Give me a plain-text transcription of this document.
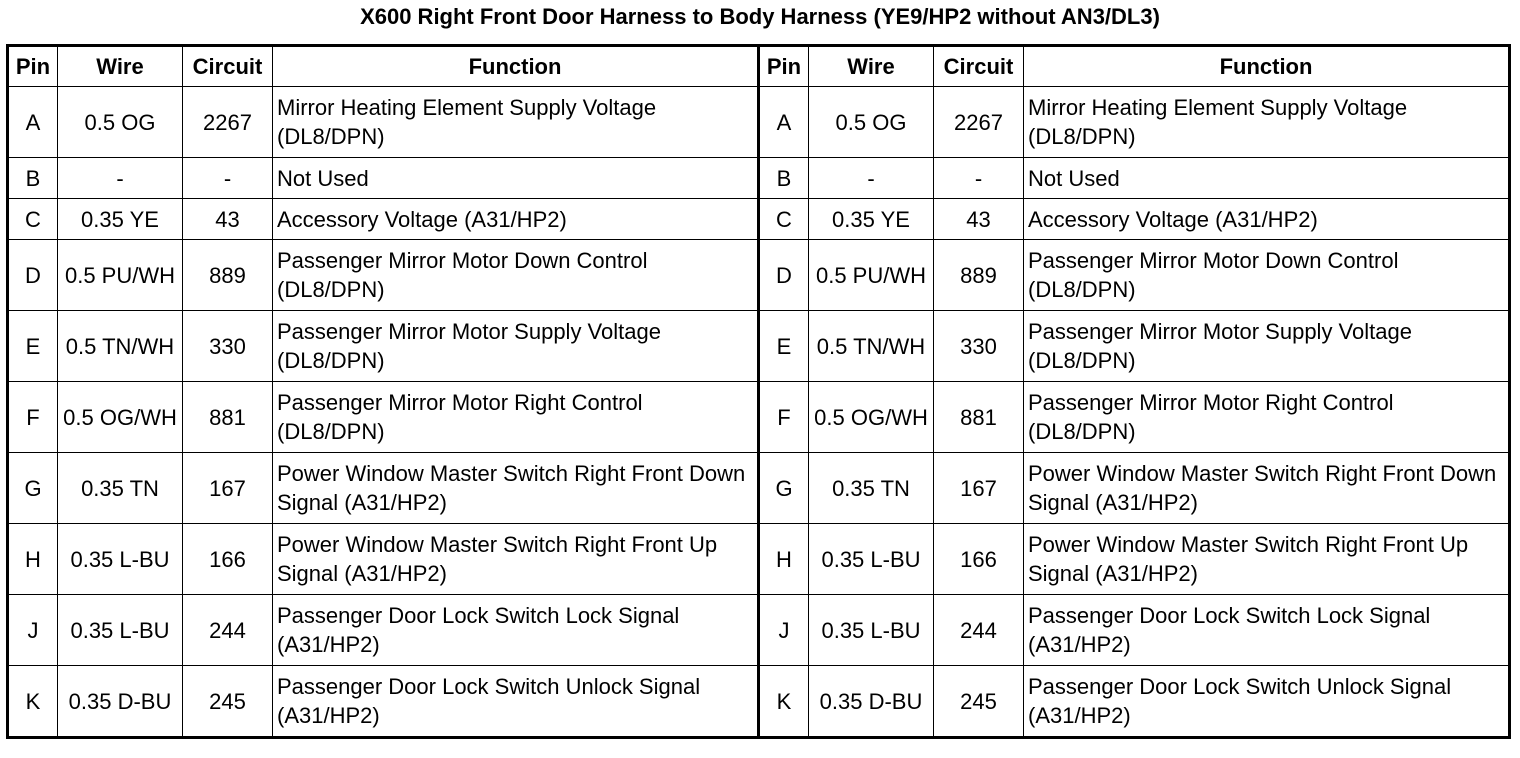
X600 Right Front Door Harness to Body Harness (YE9/HP2 without AN3/DL3)
Pin	Wire	Circuit	Function	Pin	Wire	Circuit	Function
A	0.5 OG	2267	Mirror Heating Element Supply Voltage (DL8/DPN)	A	0.5 OG	2267	Mirror Heating Element Supply Voltage (DL8/DPN)
B	-	-	Not Used	B	-	-	Not Used
C	0.35 YE	43	Accessory Voltage (A31/HP2)	C	0.35 YE	43	Accessory Voltage (A31/HP2)
D	0.5 PU/WH	889	Passenger Mirror Motor Down Control (DL8/DPN)	D	0.5 PU/WH	889	Passenger Mirror Motor Down Control (DL8/DPN)
E	0.5 TN/WH	330	Passenger Mirror Motor Supply Voltage (DL8/DPN)	E	0.5 TN/WH	330	Passenger Mirror Motor Supply Voltage (DL8/DPN)
F	0.5 OG/WH	881	Passenger Mirror Motor Right Control (DL8/DPN)	F	0.5 OG/WH	881	Passenger Mirror Motor Right Control (DL8/DPN)
G	0.35 TN	167	Power Window Master Switch Right Front Down Signal (A31/HP2)	G	0.35 TN	167	Power Window Master Switch Right Front Down Signal (A31/HP2)
H	0.35 L-BU	166	Power Window Master Switch Right Front Up Signal (A31/HP2)	H	0.35 L-BU	166	Power Window Master Switch Right Front Up Signal (A31/HP2)
J	0.35 L-BU	244	Passenger Door Lock Switch Lock Signal (A31/HP2)	J	0.35 L-BU	244	Passenger Door Lock Switch Lock Signal (A31/HP2)
K	0.35 D-BU	245	Passenger Door Lock Switch Unlock Signal (A31/HP2)	K	0.35 D-BU	245	Passenger Door Lock Switch Unlock Signal (A31/HP2)
